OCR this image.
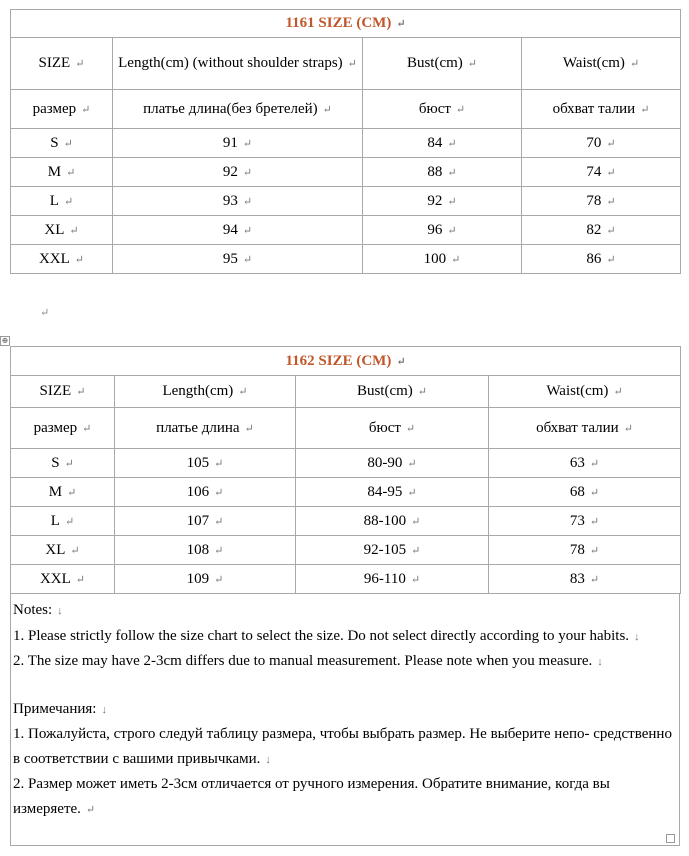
1161 SIZE (CM) ↵			
SIZE ↵	Length(cm) (without shoulder straps) ↵	Bust(cm) ↵	Waist(cm) ↵
размер ↵	платье длина(без бретелей) ↵	бюст ↵	обхват талии ↵
S ↵	91 ↵	84 ↵	70 ↵
M ↵	92 ↵	88 ↵	74 ↵
L ↵	93 ↵	92 ↵	78 ↵
XL ↵	94 ↵	96 ↵	82 ↵
XXL ↵	95 ↵	100 ↵	86 ↵
↵
⊕
1162 SIZE (CM) ↵			
SIZE ↵	Length(cm) ↵	Bust(cm) ↵	Waist(cm) ↵
размер ↵	платье длина ↵	бюст ↵	обхват талии ↵
S ↵	105 ↵	80-90 ↵	63 ↵
M ↵	106 ↵	84-95 ↵	68 ↵
L ↵	107 ↵	88-100 ↵	73 ↵
XL ↵	108 ↵	92-105 ↵	78 ↵
XXL ↵	109 ↵	96-110 ↵	83 ↵

Notes: ↓

1. Please strictly follow the size chart to select the size. Do not select directly according to your habits. ↓

2. The size may have 2-3cm differs due to manual measurement. Please note when you measure. ↓

Примечания: ↓

1. Пожалуйста, строго следуй таблицу размера, чтобы выбрать размер. Не выберите непо- средственно в соответствии с вашими привычками. ↓

2. Размер может иметь 2-3см отличается от ручного измерения. Обратите внимание, когда вы измеряете. ↵
